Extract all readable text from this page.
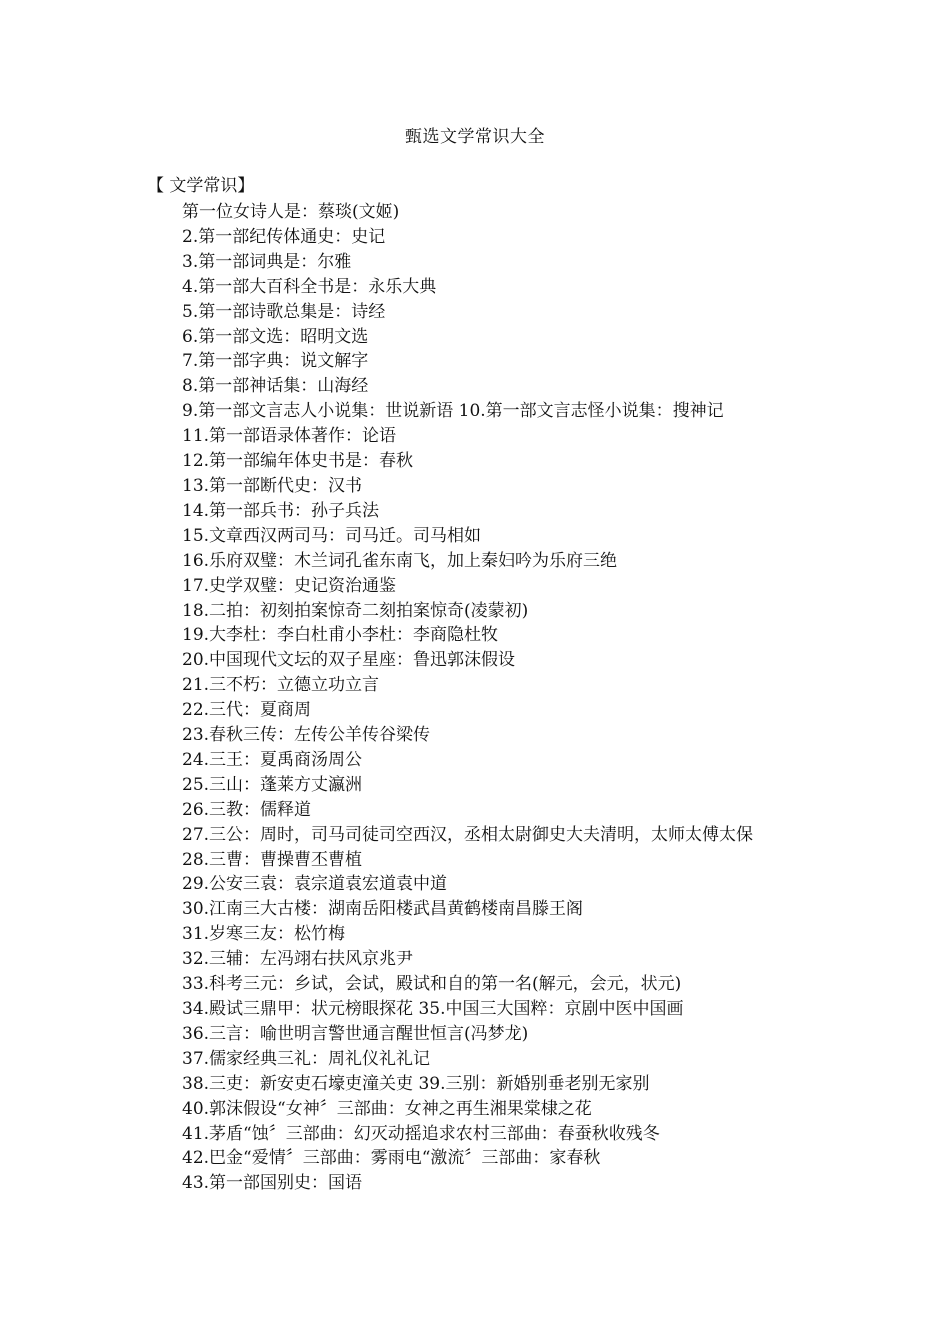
甄选文学常识大全
【 文学常识】
第一位女诗人是：蔡琰(文姬)
2.第一部纪传体通史：史记
3.第一部词典是：尔雅
4.第一部大百科全书是：永乐大典
5.第一部诗歌总集是：诗经
6.第一部文选：昭明文选
7.第一部字典：说文解字
8.第一部神话集：山海经
9.第一部文言志人小说集：世说新语 10.第一部文言志怪小说集：搜神记
11.第一部语录体著作：论语
12.第一部编年体史书是：春秋
13.第一部断代史：汉书
14.第一部兵书：孙子兵法
15.文章西汉两司马：司马迁。司马相如
16.乐府双璧：木兰词孔雀东南飞，加上秦妇吟为乐府三绝
17.史学双璧：史记资治通鉴
18.二拍：初刻拍案惊奇二刻拍案惊奇(凌蒙初)
19.大李杜：李白杜甫小李杜：李商隐杜牧
20.中国现代文坛的双子星座：鲁迅郭沫假设
21.三不朽：立德立功立言
22.三代：夏商周
23.春秋三传：左传公羊传谷梁传
24.三王：夏禹商汤周公
25.三山：蓬莱方丈瀛洲
26.三教：儒释道
27.三公：周时，司马司徒司空西汉，丞相太尉御史大夫清明，太师太傅太保
28.三曹：曹操曹丕曹植
29.公安三袁：袁宗道袁宏道袁中道
30.江南三大古楼：湖南岳阳楼武昌黄鹤楼南昌滕王阁
31.岁寒三友：松竹梅
32.三辅：左冯翊右扶风京兆尹
33.科考三元：乡试，会试，殿试和自的第一名(解元，会元，状元)
34.殿试三鼎甲：状元榜眼探花 35.中国三大国粹：京剧中医中国画
36.三言：喻世明言警世通言醒世恒言(冯梦龙)
37.儒家经典三礼：周礼仪礼礼记
38.三吏：新安吏石壕吏潼关吏 39.三别：新婚别垂老别无家别
40.郭沫假设“女神〞三部曲：女神之再生湘果棠棣之花
41.茅盾“蚀〞三部曲：幻灭动摇追求农村三部曲：春蚕秋收残冬
42.巴金“爱情〞三部曲：雾雨电“激流〞三部曲：家春秋
43.第一部国别史：国语
